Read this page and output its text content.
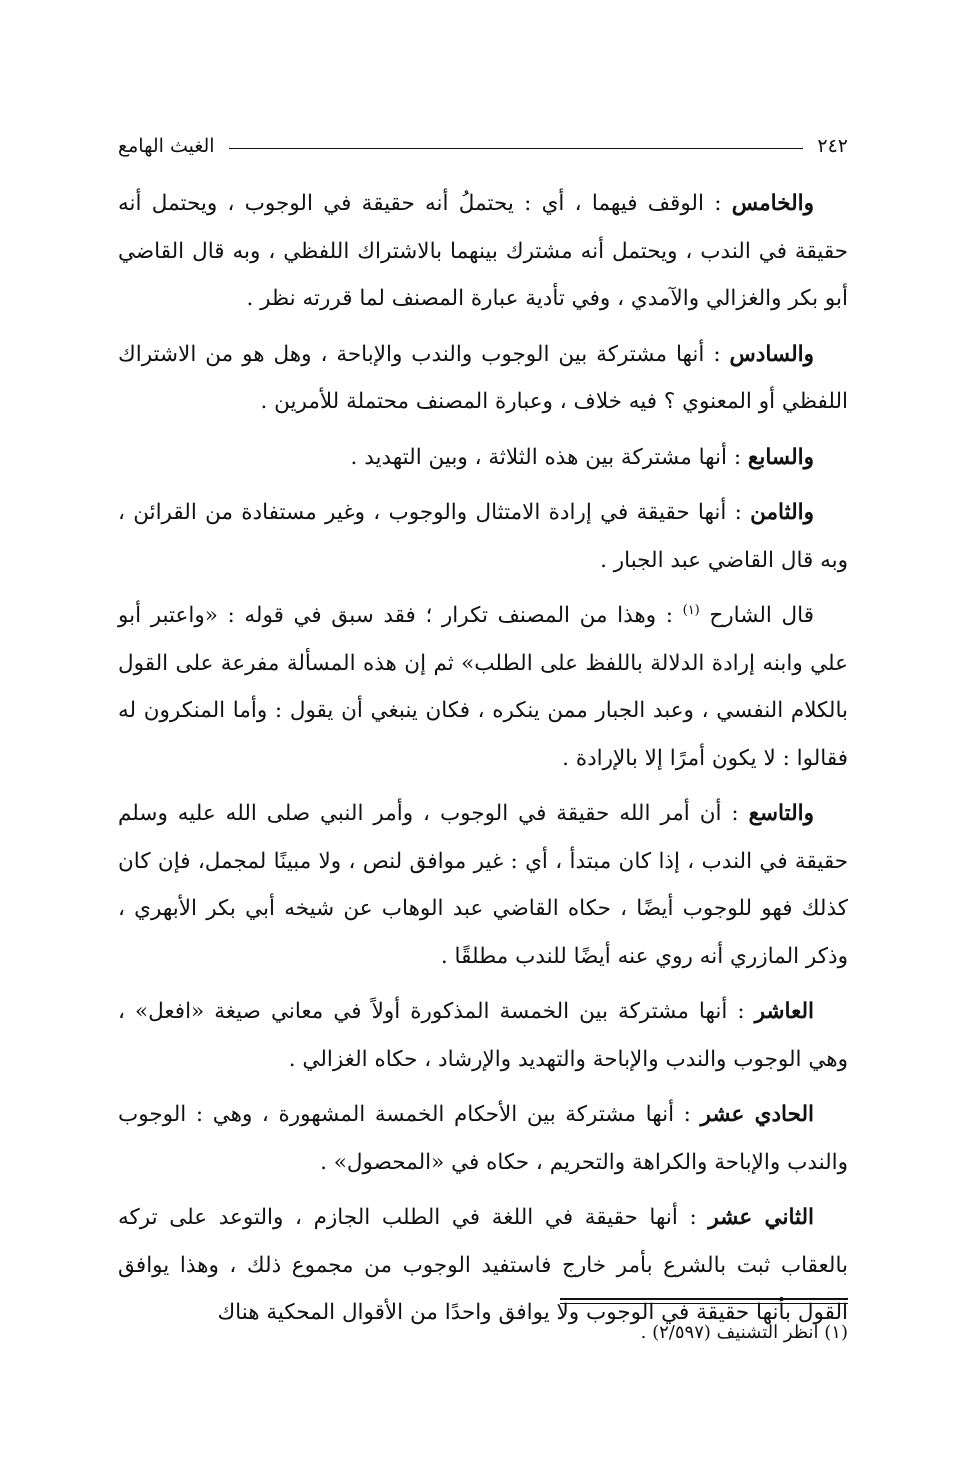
٢٤٢
الغيث الهامع

والخامس : الوقف فيهما ، أي : يحتملُ أنه حقيقة في الوجوب ، ويحتمل أنه حقيقة في الندب ، ويحتمل أنه مشترك بينهما بالاشتراك اللفظي ، وبه قال القاضي أبو بكر والغزالي والآمدي ، وفي تأدية عبارة المصنف لما قررته نظر .

والسادس : أنها مشتركة بين الوجوب والندب والإباحة ، وهل هو من الاشتراك اللفظي أو المعنوي ؟ فيه خلاف ، وعبارة المصنف محتملة للأمرين .

والسابع : أنها مشتركة بين هذه الثلاثة ، وبين التهديد .

والثامن : أنها حقيقة في إرادة الامتثال والوجوب ، وغير مستفادة من القرائن ، وبه قال القاضي عبد الجبار .

قال الشارح $^{(١)}$ : وهذا من المصنف تكرار ؛ فقد سبق في قوله : «واعتبر أبو علي وابنه إرادة الدلالة باللفظ على الطلب» ثم إن هذه المسألة مفرعة على القول بالكلام النفسي ، وعبد الجبار ممن ينكره ، فكان ينبغي أن يقول : وأما المنكرون له فقالوا : لا يكون أمرًا إلا بالإرادة .

والتاسع : أن أمر الله حقيقة في الوجوب ، وأمر النبي صلى الله عليه وسلم حقيقة في الندب ، إذا كان مبتدأ ، أي : غير موافق لنص ، ولا مبينًا لمجمل، فإن كان كذلك فهو للوجوب أيضًا ، حكاه القاضي عبد الوهاب عن شيخه أبي بكر الأبهري ، وذكر المازري أنه روي عنه أيضًا للندب مطلقًا .

العاشر : أنها مشتركة بين الخمسة المذكورة أولاً في معاني صيغة «افعل» ، وهي الوجوب والندب والإباحة والتهديد والإرشاد ، حكاه الغزالي .

الحادي عشر : أنها مشتركة بين الأحكام الخمسة المشهورة ، وهي : الوجوب والندب والإباحة والكراهة والتحريم ، حكاه في «المحصول» .

الثاني عشر : أنها حقيقة في اللغة في الطلب الجازم ، والتوعد على تركه بالعقاب ثبت بالشرع بأمر خارج فاستفيد الوجوب من مجموع ذلك ، وهذا يوافق القول بأنها حقيقة في الوجوب ولا يوافق واحدًا من الأقوال المحكية هناك

(١) انظر التشنيف (٢/٥٩٧) .
